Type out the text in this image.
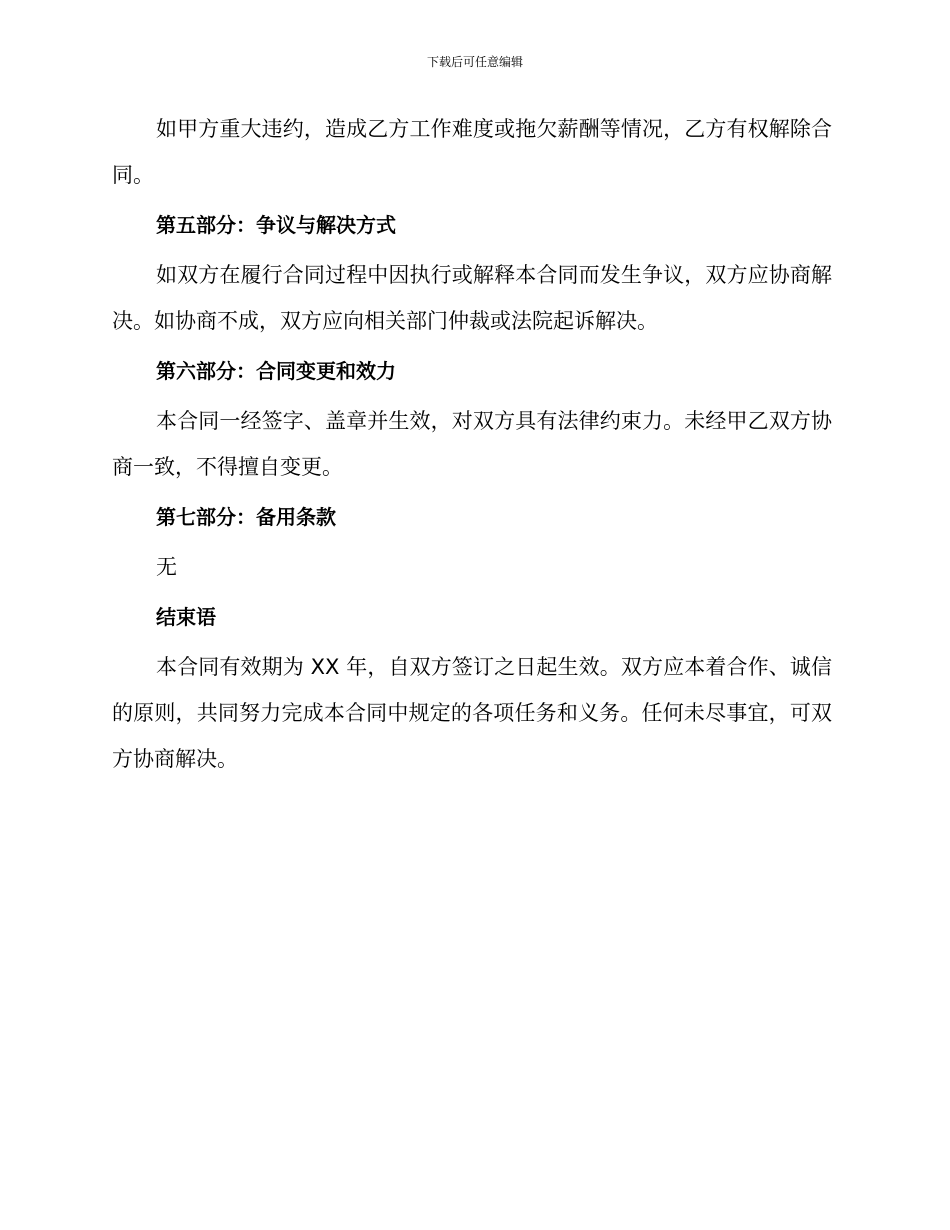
下载后可任意编辑

如甲方重大违约，造成乙方工作难度或拖欠薪酬等情况，乙方有权解除合同。

第五部分：争议与解决方式

如双方在履行合同过程中因执行或解释本合同而发生争议，双方应协商解决。如协商不成，双方应向相关部门仲裁或法院起诉解决。

第六部分：合同变更和效力

本合同一经签字、盖章并生效，对双方具有法律约束力。未经甲乙双方协商一致，不得擅自变更。

第七部分：备用条款

无

结束语

本合同有效期为 XX 年，自双方签订之日起生效。双方应本着合作、诚信的原则，共同努力完成本合同中规定的各项任务和义务。任何未尽事宜，可双方协商解决。
